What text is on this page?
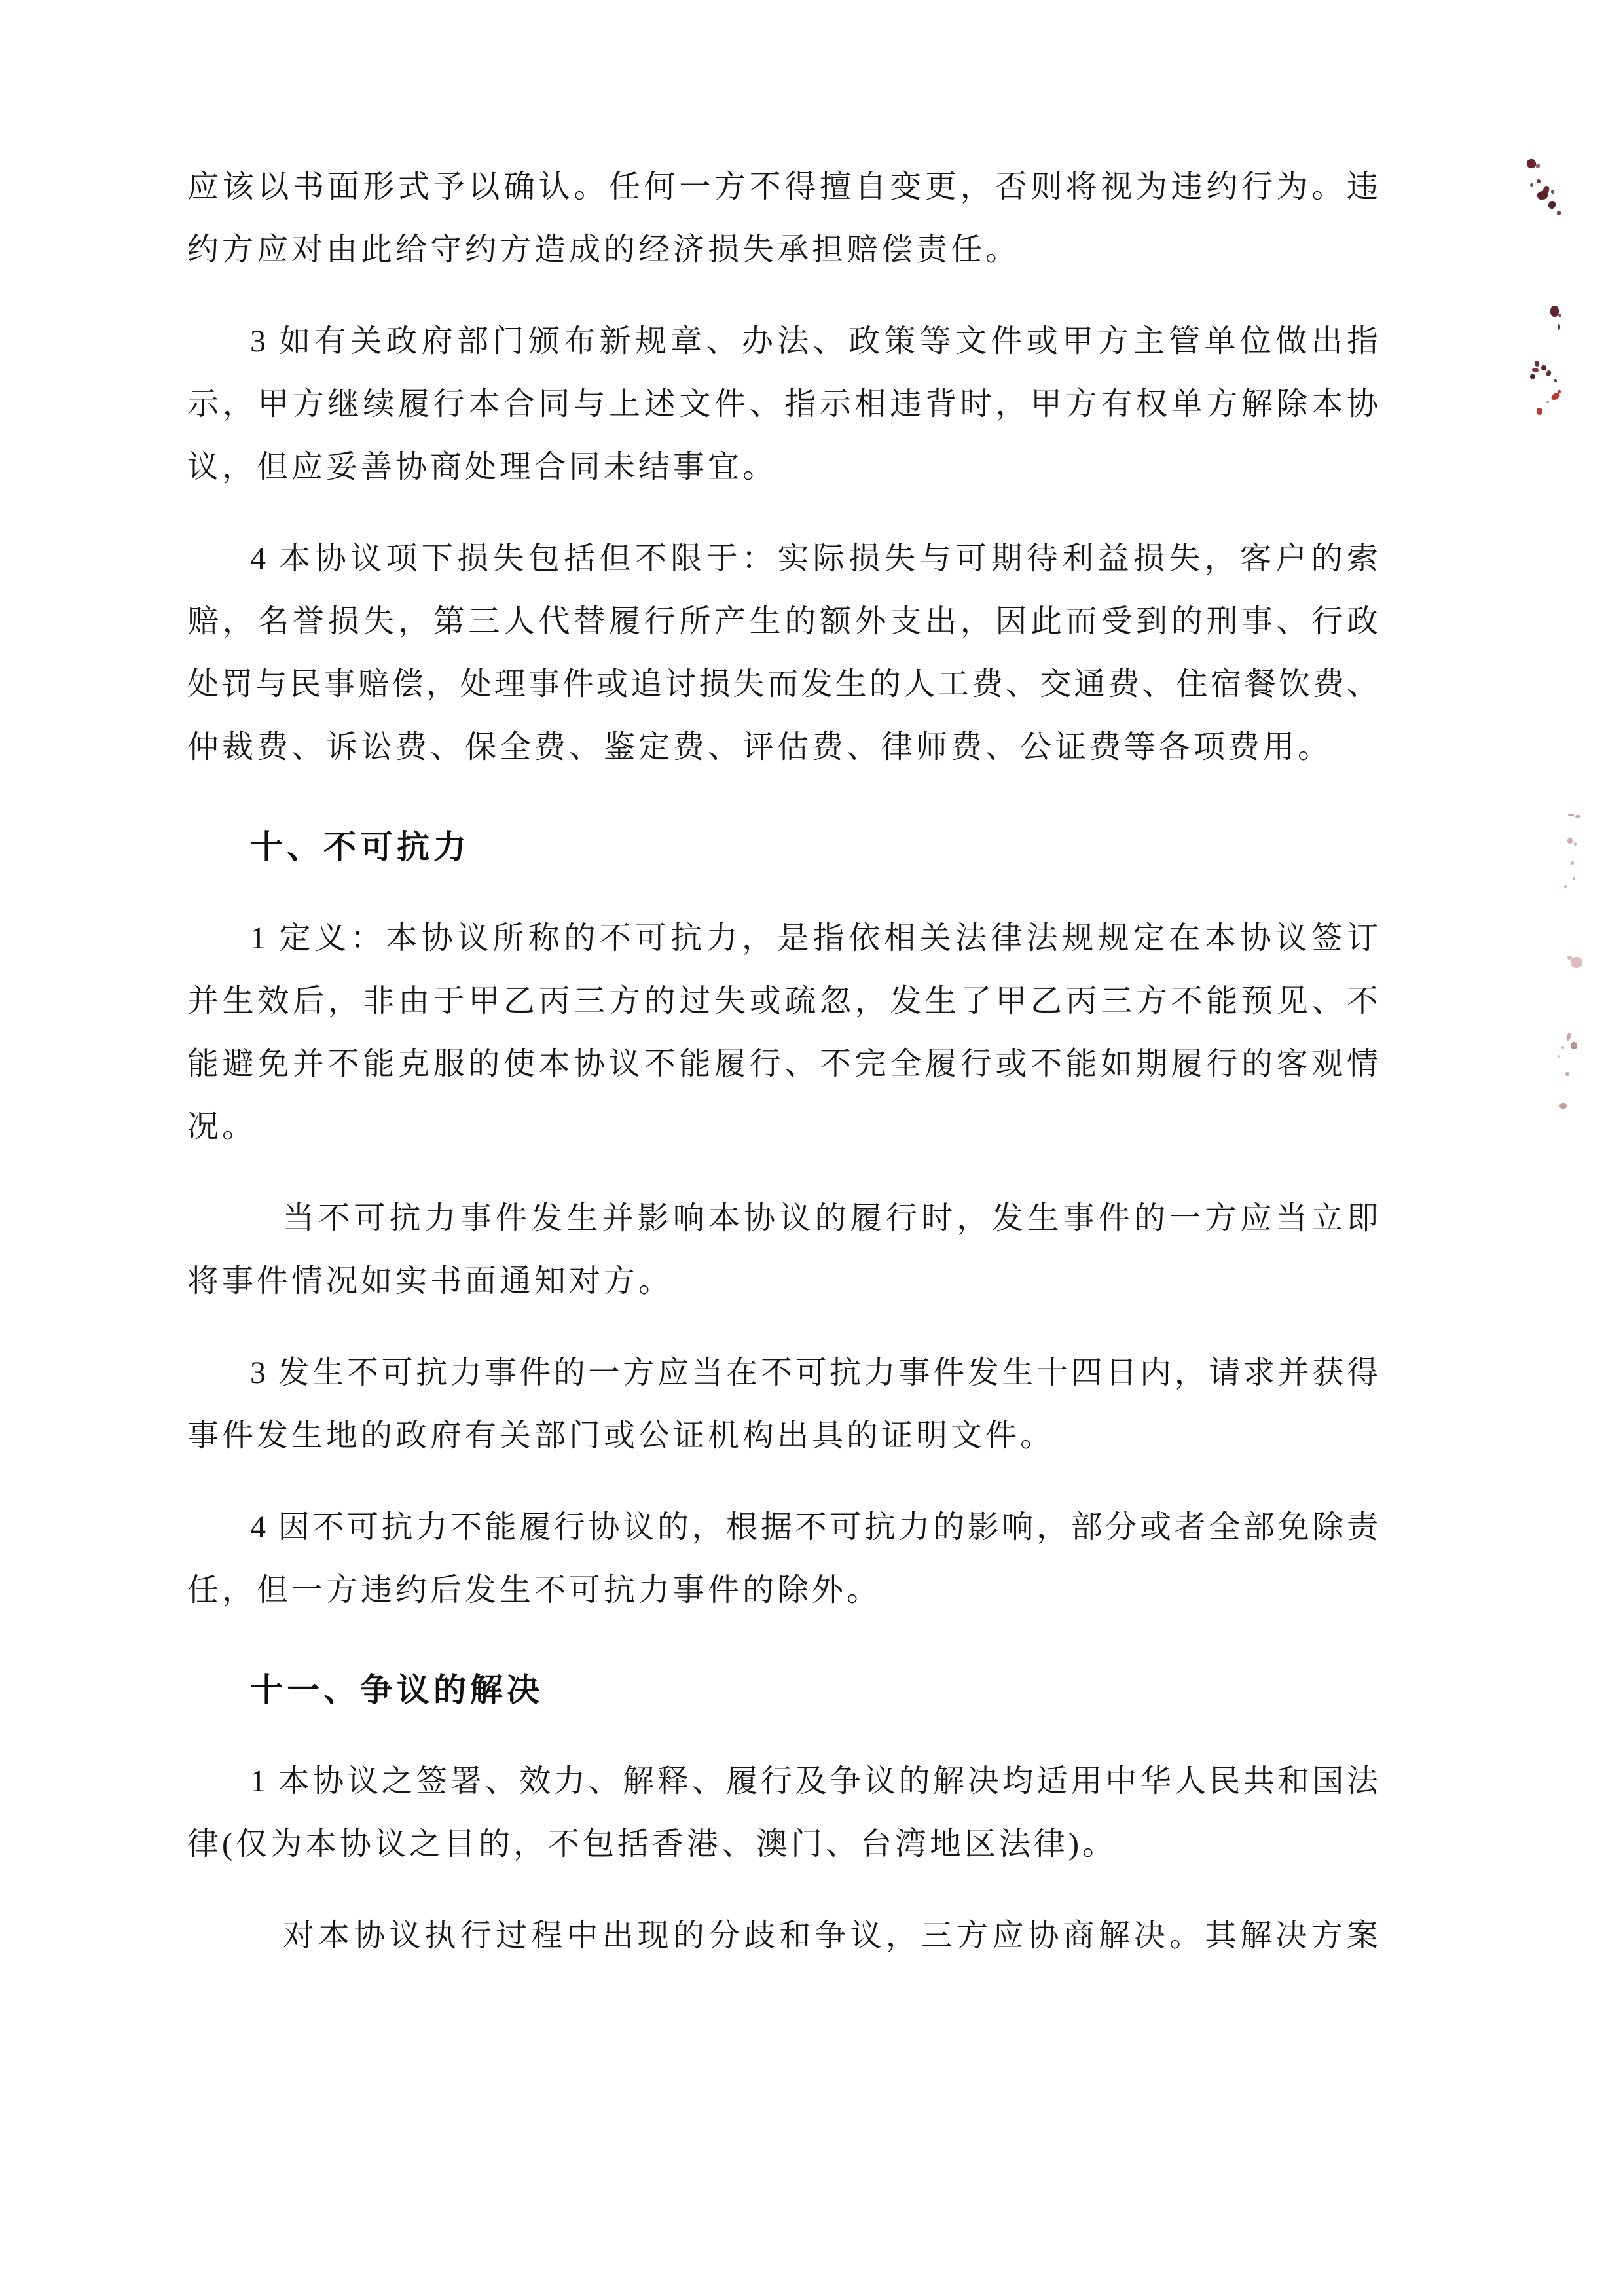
应该以书面形式予以确认。任何一方不得擅自变更，否则将视为违约行为。违
约方应对由此给守约方造成的经济损失承担赔偿责任。
3 如有关政府部门颁布新规章、办法、政策等文件或甲方主管单位做出指
示，甲方继续履行本合同与上述文件、指示相违背时，甲方有权单方解除本协
议，但应妥善协商处理合同未结事宜。
4 本协议项下损失包括但不限于：实际损失与可期待利益损失，客户的索
赔，名誉损失，第三人代替履行所产生的额外支出，因此而受到的刑事、行政
处罚与民事赔偿，处理事件或追讨损失而发生的人工费、交通费、住宿餐饮费、
仲裁费、诉讼费、保全费、鉴定费、评估费、律师费、公证费等各项费用。
十、不可抗力
1 定义：本协议所称的不可抗力，是指依相关法律法规规定在本协议签订
并生效后，非由于甲乙丙三方的过失或疏忽，发生了甲乙丙三方不能预见、不
能避免并不能克服的使本协议不能履行、不完全履行或不能如期履行的客观情
况。
当不可抗力事件发生并影响本协议的履行时，发生事件的一方应当立即
将事件情况如实书面通知对方。
3 发生不可抗力事件的一方应当在不可抗力事件发生十四日内，请求并获得
事件发生地的政府有关部门或公证机构出具的证明文件。
4 因不可抗力不能履行协议的，根据不可抗力的影响，部分或者全部免除责
任，但一方违约后发生不可抗力事件的除外。
十一、争议的解决
1 本协议之签署、效力、解释、履行及争议的解决均适用中华人民共和国法
律(仅为本协议之目的，不包括香港、澳门、台湾地区法律)。
对本协议执行过程中出现的分歧和争议，三方应协商解决。其解决方案
